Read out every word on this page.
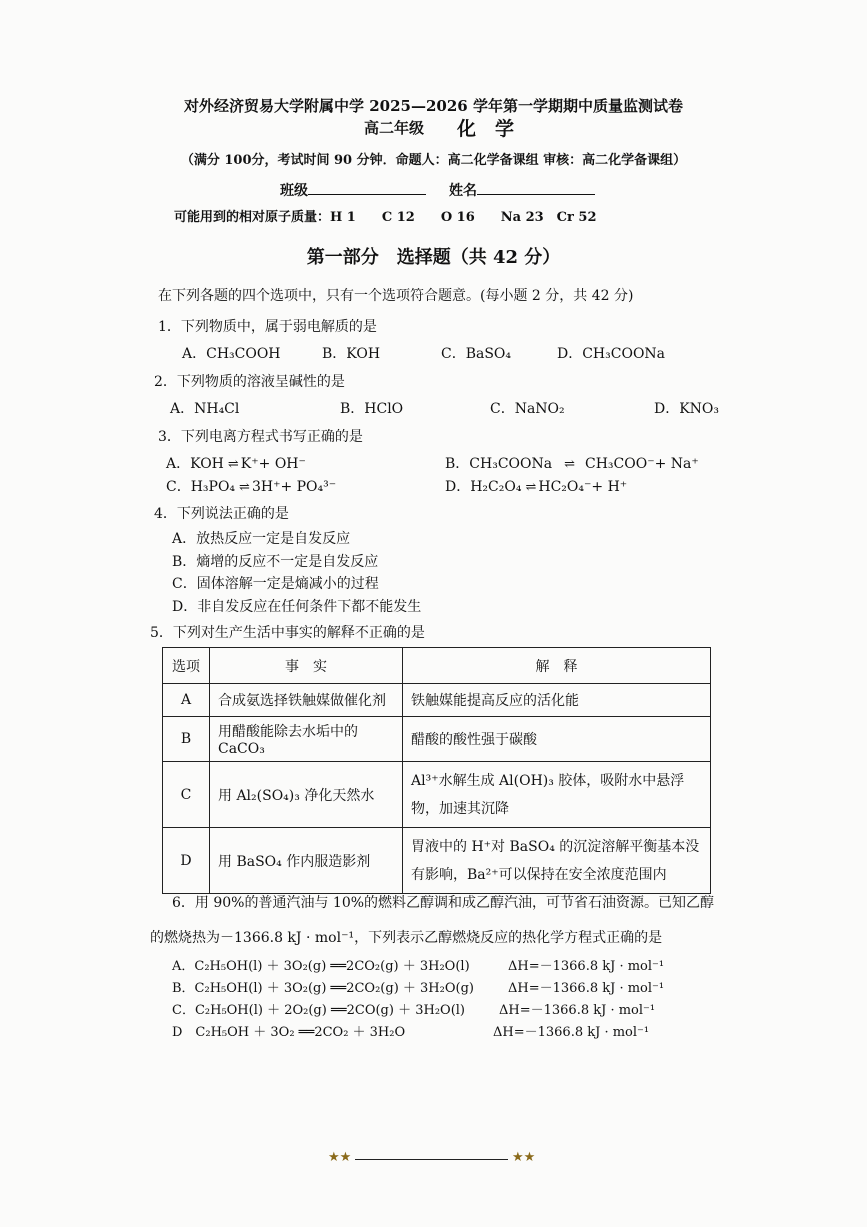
对外经济贸易大学附属中学 2025—2026 学年第一学期期中质量监测试卷
高二年级 化　学
（满分 100分，考试时间 90 分钟．命题人：高二化学备课组 审核：高二化学备课组）
班级	姓名
可能用到的相对原子质量：H 1　　C 12　　O 16　　Na 23　Cr 52
第一部分　选择题（共 42 分）
在下列各题的四个选项中，只有一个选项符合题意。(每小题 2 分，共 42 分)
1．下列物质中，属于弱电解质的是
A．CH₃COOH	B．KOH	C．BaSO₄	D．CH₃COONa
2．下列物质的溶液呈碱性的是
A．NH₄Cl	B．HClO	C．NaNO₂	D．KNO₃
3．下列电离方程式书写正确的是
A．KOH ⇌ K⁺+ OH⁻	B．CH₃COONa ⇌ CH₃COO⁻+ Na⁺
C．H₃PO₄ ⇌ 3H⁺+ PO₄³⁻	D．H₂C₂O₄ ⇌ HC₂O₄⁻+ H⁺
4．下列说法正确的是
A．放热反应一定是自发反应
B．熵增的反应不一定是自发反应
C．固体溶解一定是熵减小的过程
D．非自发反应在任何条件下都不能发生
5．下列对生产生活中事实的解释不正确的是
选项	事　实	解　释
A	合成氨选择铁触媒做催化剂	铁触媒能提高反应的活化能
B	用醋酸能除去水垢中的CaCO₃	醋酸的酸性强于碳酸
C	用 Al₂(SO₄)₃ 净化天然水	Al³⁺水解生成 Al(OH)₃ 胶体，吸附水中悬浮物，加速其沉降
D	用 BaSO₄ 作内服造影剂	胃液中的 H⁺对 BaSO₄ 的沉淀溶解平衡基本没有影响，Ba²⁺可以保持在安全浓度范围内
6．用 90%的普通汽油与 10%的燃料乙醇调和成乙醇汽油，可节省石油资源。已知乙醇
的燃烧热为－1366.8 kJ · mol⁻¹，下列表示乙醇燃烧反应的热化学方程式正确的是
A．C₂H₅OH(l) ＋ 3O₂(g) ══2CO₂(g) ＋ 3H₂O(l)	ΔH=－1366.8 kJ · mol⁻¹
B．C₂H₅OH(l) ＋ 3O₂(g) ══2CO₂(g) ＋ 3H₂O(g)	ΔH=－1366.8 kJ · mol⁻¹
C．C₂H₅OH(l) ＋ 2O₂(g) ══2CO(g) ＋ 3H₂O(l)	ΔH=－1366.8 kJ · mol⁻¹
D　C₂H₅OH ＋ 3O₂ ══2CO₂ ＋ 3H₂O	ΔH=－1366.8 kJ · mol⁻¹
★★	★★
